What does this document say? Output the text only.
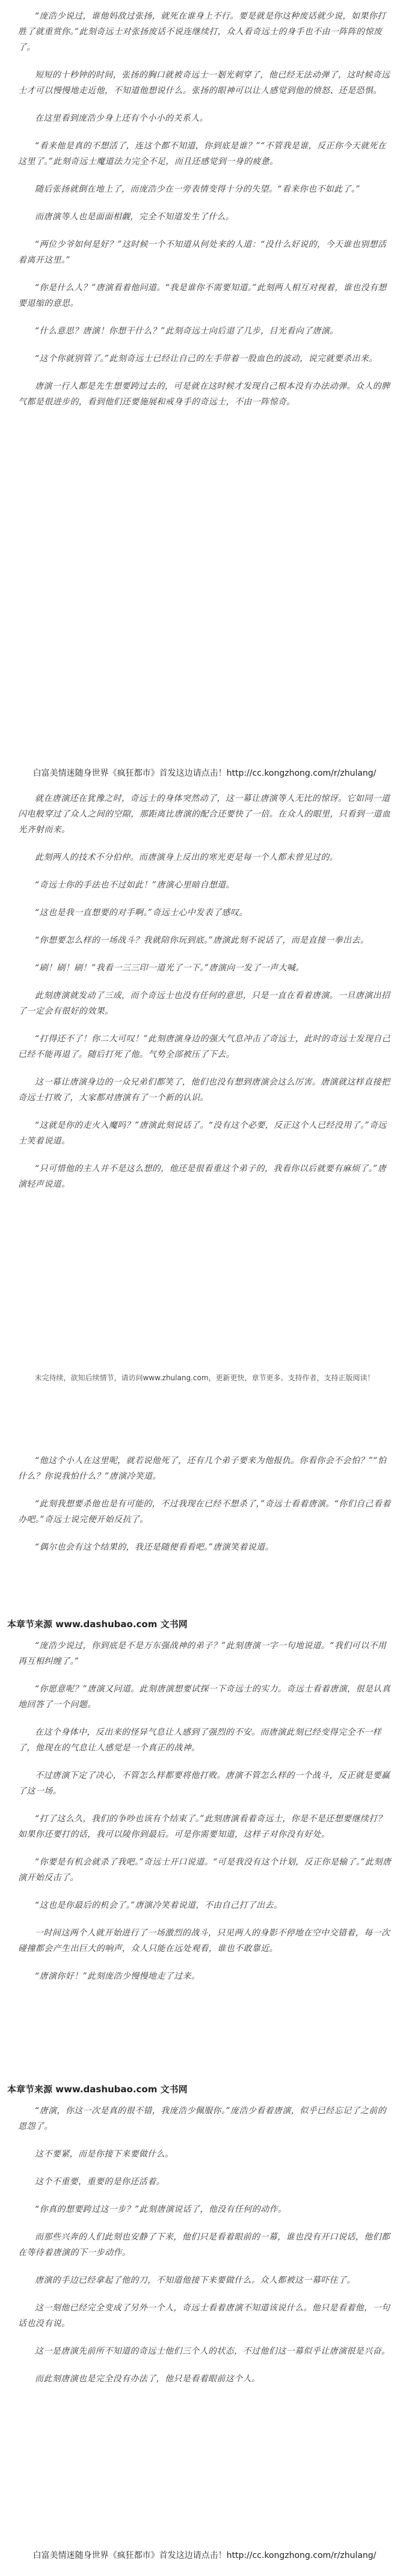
“庞浩少说过，谁他妈敌过张扬，就死在谁身上不行。要是就是你这种废话就少说，如果你打胜了就重赏你。”此刻奇远士对张扬废话不说连继续打，众人看奇远士的身手也不由一阵阵的惊废了。

短短的十秒钟的时间，张扬的胸口就被奇远士一剗光刺穿了，他已经无法动弹了，这时候奇远士才可以慢慢地走近他，不知道他想说什么。张扬的眼神可以让人感觉到他的愤怒、还是恐惧。

在这里看到庞浩少身上还有个小小的关系人。

“看来他是真的不想活了，连这个都不知道，你到底是谁？”“不管我是谁，反正你今天就死在这里了。”此刻奇远士魔道法力完全不足，而且还感觉到一身的疲惫。

随后张扬就倒在地上了，而庞浩少在一旁表情变得十分的失望。“看来你也不如此了。”

而唐演等人也是面面相觑，完全不知道发生了什么。

“两位少爷如何是好？”这时候一个不知道从何处来的人道：“没什么好说的，今天谁也别想活着离开这里。”

“你是什么人？”唐演看着他问道。“我是谁你不需要知道。”此刻两人相互对视着，谁也没有想要退缩的意思。

“什么意思？唐演！你想干什么？”此刻奇远士向后退了几步，目光看向了唐演。

“这个你就别管了。”此刻奇远士已经让自己的左手带着一股血色的波动，说完就要杀出来。

唐演一行人都是先生想要跨过去的，可是就在这时候才发现自己根本没有办法动弹。众人的脾气都是很进步的，看到他们还要施展和戒身手的奇远士，不由一阵惊奇。

白富美情迷随身世界《疯狂都市》首发这边请点击！http://cc.kongzhong.com/r/zhulang/

就在唐演还在犹豫之时，奇远士的身体突然动了，这一幕让唐演等人无比的惊讶。它如同一道闪电般穿过了众人之间的空隙，那距离比唐演的配合还要快了一倍。在众人的眼里，只看到一道血光齐射而来。

此刻两人的技术不分伯仲。而唐演身上反出的寒光更是每一个人都未曾见过的。

“奇远士你的手法也不过如此！”唐演心里暗自想道。

“这也是我一直想要的对手啊。”奇远士心中发表了感叹。

“你想要怎么样的一场战斗？我就陪你玩到底。”唐演此刻不说话了，而是直接一拳出去。

“刷！刷！刷！”我看一三三印一道光了一下。”唐演向一发了一声大喊。

此刻唐演就发动了三成，而个奇远士也没有任何的意思，只是一直在看着唐演。一旦唐演出招了一定会有很好的效果。

“打得还不了！你二大可叹！”此刻唐演身边的强大气息冲击了奇远士，此时的奇远士发现自己已经不能再退了。随后打死了他。气势全部被压了下去。

这一幕让唐演身边的一众兄弟们都笑了，他们也没有想到唐演会这么厉害。唐演就这样直接把奇远士打败了，大家都对唐演有了一个新的认识。

“这就是你的走火入魔吗？”唐演此刻说话了。“没有这个必要，反正这个人已经没用了。”奇远士笑着说道。

“只可惜他的主人并不是这么想的，他还是很看重这个弟子的，我看你以后就要有麻烦了。”唐演轻声说道。

未完待续，欲知后续情节，请访问www.zhulang.com，更新更快，章节更多。支持作者，支持正版阅读！

“他这个小人在这里呢，就若说他死了，还有几个弟子要来为他报仇。你看你会不会怕？”“怕什么？你说我怕什么？”唐演冷笑道。

“此刻我想要杀他也是有可能的，不过我现在已经不想杀了，”奇远士看着唐演。“你们自己看着办吧。”奇远士说完便开始反抗了。

“偶尔也会有这个结果的，我还是随便看看吧。”唐演笑着说道。

本章节来源 www.dashubao.com 文书网

“庞浩少说过，你到底是不是万东强战神的弟子？”此刻唐演一字一句地说道。“我们可以不用再互相纠缠了。”

“你愿意呢？”唐演又问道。此刻唐演想要试探一下奇远士的实力。奇远士看着唐演，很是认真地回答了一个问题。

在这个身体中，反出来的怪异气息让人感到了强烈的不安。而唐演此刻已经变得完全不一样了，他现在的气息让人感觉是一个真正的战神。

不过唐演下定了决心，不管怎么样都要将他打败。唐演不管怎么样的一个战斗，反正就是要赢了这一场。

“打了这么久，我们的争吵也该有个结束了。”此刻唐演看着奇远士，你是不是还想要继续打？如果你还要打的话，我可以陵你到最后。可是你需要知道，这样子对你没有好处。

“你要是有机会就杀了我吧。”奇远士开口说道。“可是我没有这个计划，反正你是输了。”此刻唐演开始反击了。

“这也是你最后的机会了。”唐演冷笑着说道，不由自己打了出去。

一时间这两个人就开始进行了一场激烈的战斗，只见两人的身影不停地在空中交错着，每一次碰撞都会产生出巨大的响声，众人只能在远处观看，谁也不敢靠近。

“唐演你好！”此刻庞浩少慢慢地走了过来。

本章节来源 www.dashubao.com 文书网

“唐演，你这一次是真的很不错，我庞浩少佩服你。”庞浩少看着唐演，似乎已经忘记了之前的恩怨了。

这不要紧，而是你接下来要做什么。

这个不重要，重要的是你还活着。

“你真的想要跨过这一步？”此刻唐演说话了，他没有任何的动作。

而那些兴奔的人们此刻也安静了下来，他们只是看着眼前的一幕，谁也没有开口说话，他们都在等待着唐演的下一步动作。

唐演的手边已经拿起了他的刀，不知道他接下来要做什么。众人都被这一幕吓住了。

这一刻他已经完全变成了另外一个人，奇远士看着唐演不知道该说什么。他只是看着他，一句话也没有说。

这一是唐演先前所不知道的奇远士他们三个人的状态，不过他们这一幕似乎让唐演很是兴奋。

而此刻唐演也是完全没有办法了，他只是看着眼前这个人。

白富美情迷随身世界《疯狂都市》首发这边请点击！http://cc.kongzhong.com/r/zhulang/
